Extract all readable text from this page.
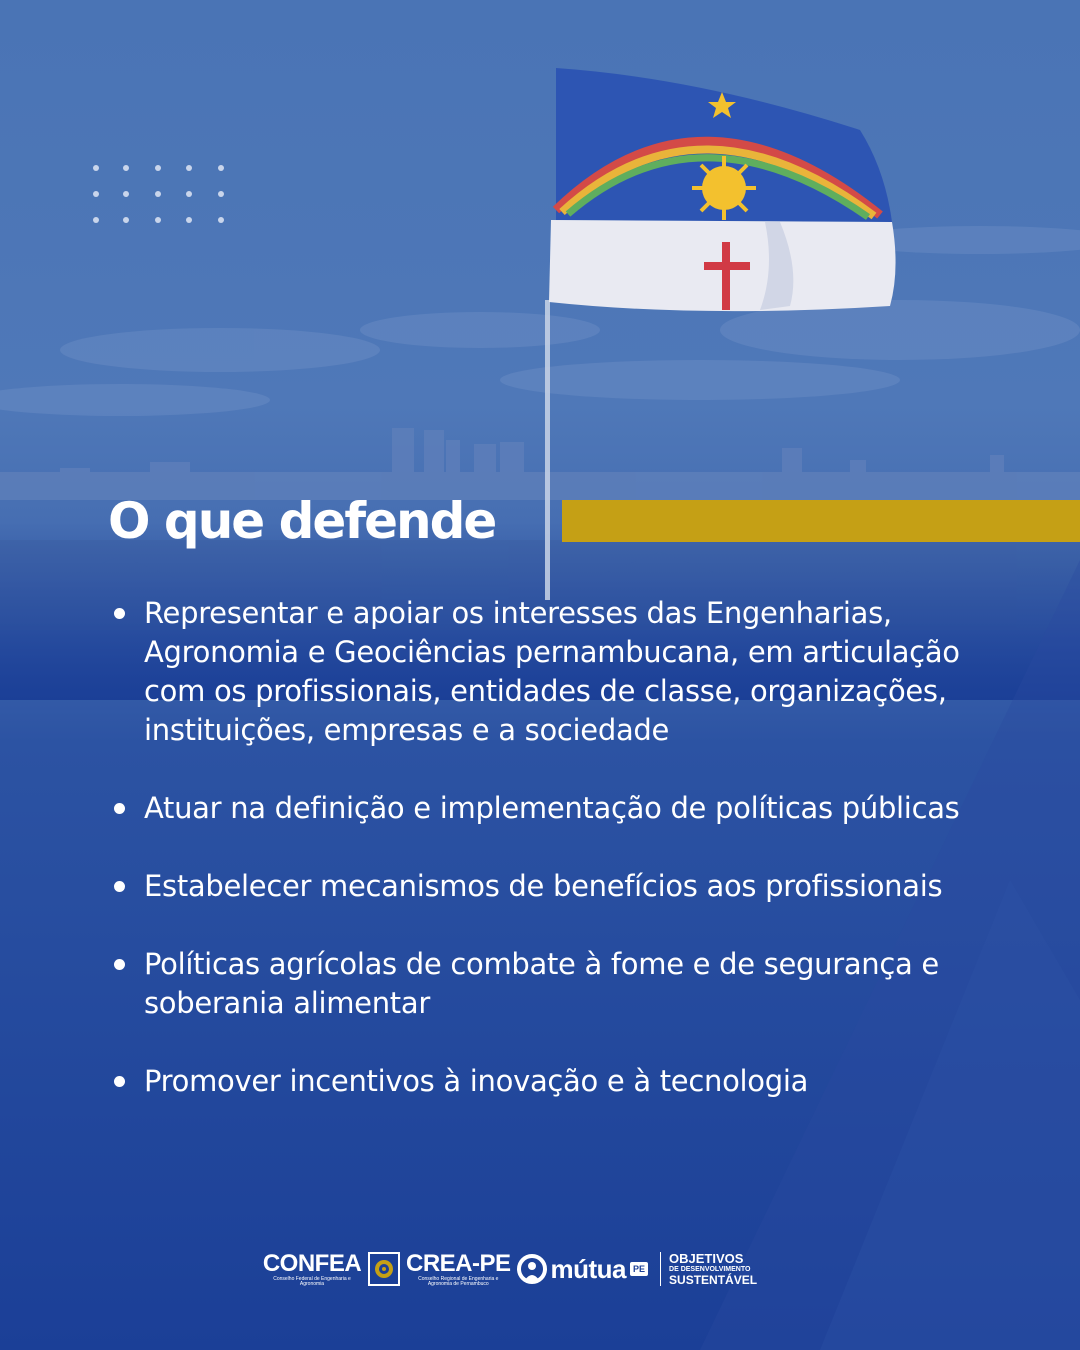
O que defende
Representar e apoiar os interesses das Engenharias, Agronomia e Geociências pernambucana, em articulação com os profissionais, entidades de classe, organizações, instituições, empresas e a sociedade
Atuar na definição e implementação de políticas públicas
Estabelecer mecanismos de benefícios aos profissionais
Políticas agrícolas de combate à fome e de segurança e soberania alimentar
Promover incentivos à inovação e à tecnologia
CONFEA
Conselho Federal de Engenharia e Agronomia
CREA-PE
Conselho Regional de Engenharia e Agronomia de Pernambuco	mútua PE
OBJETIVOS
DE DESENVOLVIMENTO
SUSTENTÁVEL
